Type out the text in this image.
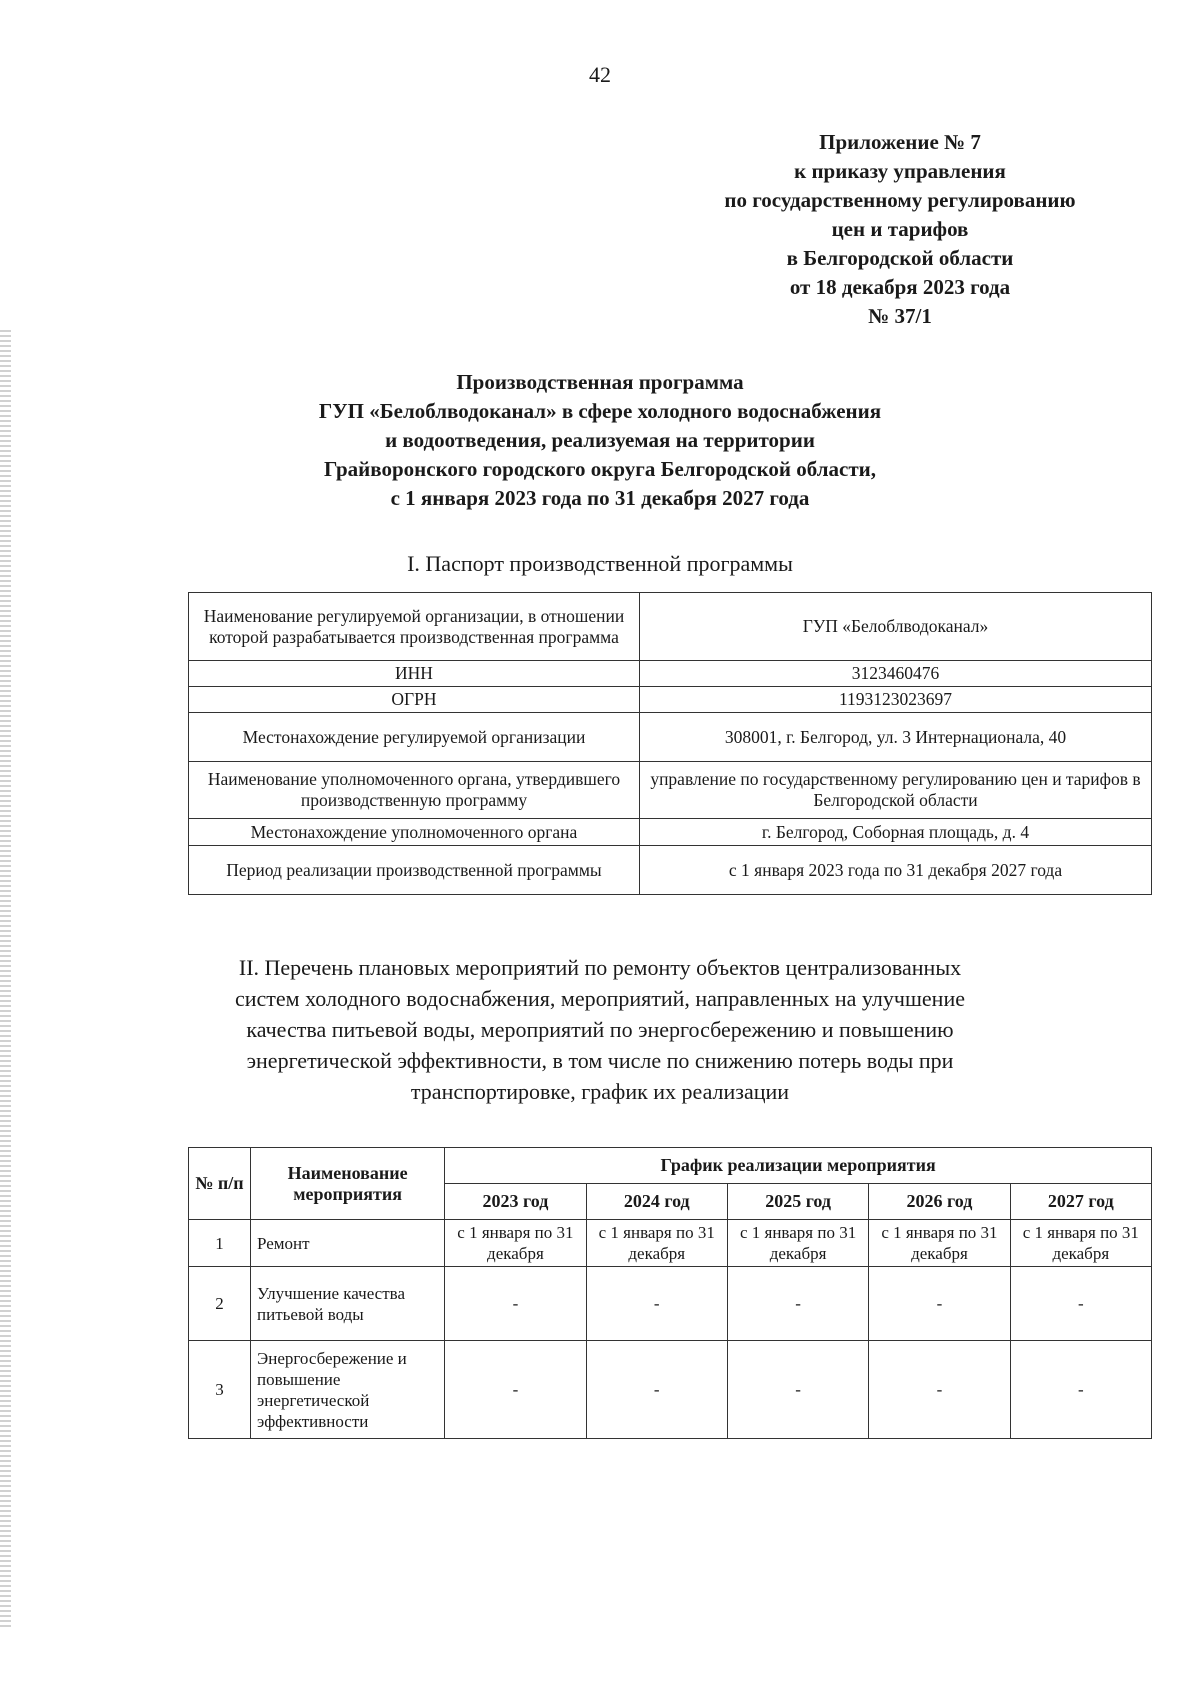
42
Приложение № 7
к приказу управления
по государственному регулированию
цен и тарифов
в Белгородской области
от 18 декабря 2023 года
№ 37/1
Производственная программа
ГУП «Белоблводоканал» в сфере холодного водоснабжения
и водоотведения, реализуемая на территории
Грайворонского городского округа Белгородской области,
с 1 января 2023 года по 31 декабря 2027 года
I. Паспорт производственной программы
Наименование регулируемой организации, в отношении которой разрабатывается производственная программа	ГУП «Белоблводоканал»
ИНН	3123460476
ОГРН	1193123023697
Местонахождение регулируемой организации	308001, г. Белгород, ул. 3 Интернационала, 40
Наименование уполномоченного органа, утвердившего производственную программу	управление по государственному регулированию цен и тарифов в Белгородской области
Местонахождение уполномоченного органа	г. Белгород, Соборная площадь, д. 4
Период реализации производственной программы	с 1 января 2023 года по 31 декабря 2027 года
II. Перечень плановых мероприятий по ремонту объектов централизованных
систем холодного водоснабжения, мероприятий, направленных на улучшение
качества питьевой воды, мероприятий по энергосбережению и повышению
энергетической эффективности, в том числе по снижению потерь воды при
транспортировке, график их реализации
№ п/п	Наименование мероприятия	График реализации мероприятия				
		2023 год	2024 год	2025 год	2026 год	2027 год
1	Ремонт	с 1 января по 31 декабря	с 1 января по 31 декабря	с 1 января по 31 декабря	с 1 января по 31 декабря	с 1 января по 31 декабря
2	Улучшение качества питьевой воды	-	-	-	-	-
3	Энергосбережение и повышение энергетической эффективности	-	-	-	-	-
